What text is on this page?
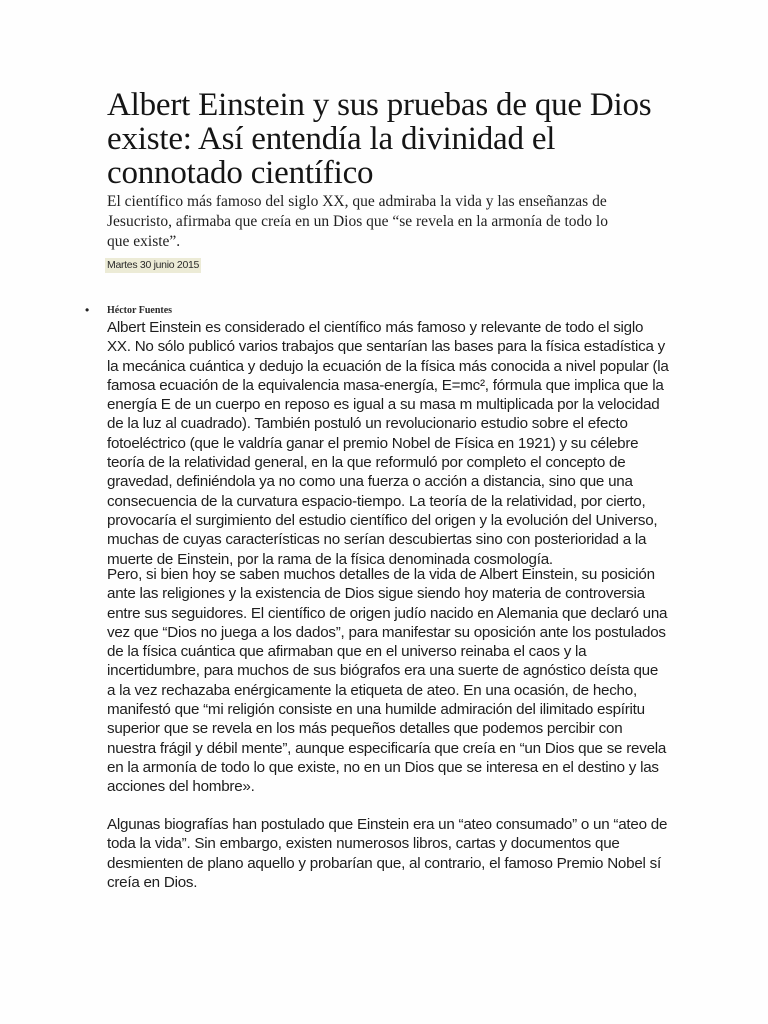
Albert Einstein y sus pruebas de que Dios
existe: Así entendía la divinidad el
connotado científico

El científico más famoso del siglo XX, que admiraba la vida y las enseñanzas de
Jesucristo, afirmaba que creía en un Dios que “se revela en la armonía de todo lo
que existe”.

Martes 30 junio 2015
• Héctor Fuentes

Albert Einstein es considerado el científico más famoso y relevante de todo el siglo
XX. No sólo publicó varios trabajos que sentarían las bases para la física estadística y
la mecánica cuántica y dedujo la ecuación de la física más conocida a nivel popular (la
famosa ecuación de la equivalencia masa-energía, E=mc², fórmula que implica que la
energía E de un cuerpo en reposo es igual a su masa m multiplicada por la velocidad
de la luz al cuadrado). También postuló un revolucionario estudio sobre el efecto
fotoeléctrico (que le valdría ganar el premio Nobel de Física en 1921) y su célebre
teoría de la relatividad general, en la que reformuló por completo el concepto de
gravedad, definiéndola ya no como una fuerza o acción a distancia, sino que una
consecuencia de la curvatura espacio-tiempo. La teoría de la relatividad, por cierto,
provocaría el surgimiento del estudio científico del origen y la evolución del Universo,
muchas de cuyas características no serían descubiertas sino con posterioridad a la
muerte de Einstein, por la rama de la física denominada cosmología.

Pero, si bien hoy se saben muchos detalles de la vida de Albert Einstein, su posición
ante las religiones y la existencia de Dios sigue siendo hoy materia de controversia
entre sus seguidores. El científico de origen judío nacido en Alemania que declaró una
vez que “Dios no juega a los dados”, para manifestar su oposición ante los postulados
de la física cuántica que afirmaban que en el universo reinaba el caos y la
incertidumbre, para muchos de sus biógrafos era una suerte de agnóstico deísta que
a la vez rechazaba enérgicamente la etiqueta de ateo. En una ocasión, de hecho,
manifestó que “mi religión consiste en una humilde admiración del ilimitado espíritu
superior que se revela en los más pequeños detalles que podemos percibir con
nuestra frágil y débil mente”, aunque especificaría que creía en “un Dios que se revela
en la armonía de todo lo que existe, no en un Dios que se interesa en el destino y las
acciones del hombre».

Algunas biografías han postulado que Einstein era un “ateo consumado” o un “ateo de
toda la vida”. Sin embargo, existen numerosos libros, cartas y documentos que
desmienten de plano aquello y probarían que, al contrario, el famoso Premio Nobel sí
creía en Dios.
